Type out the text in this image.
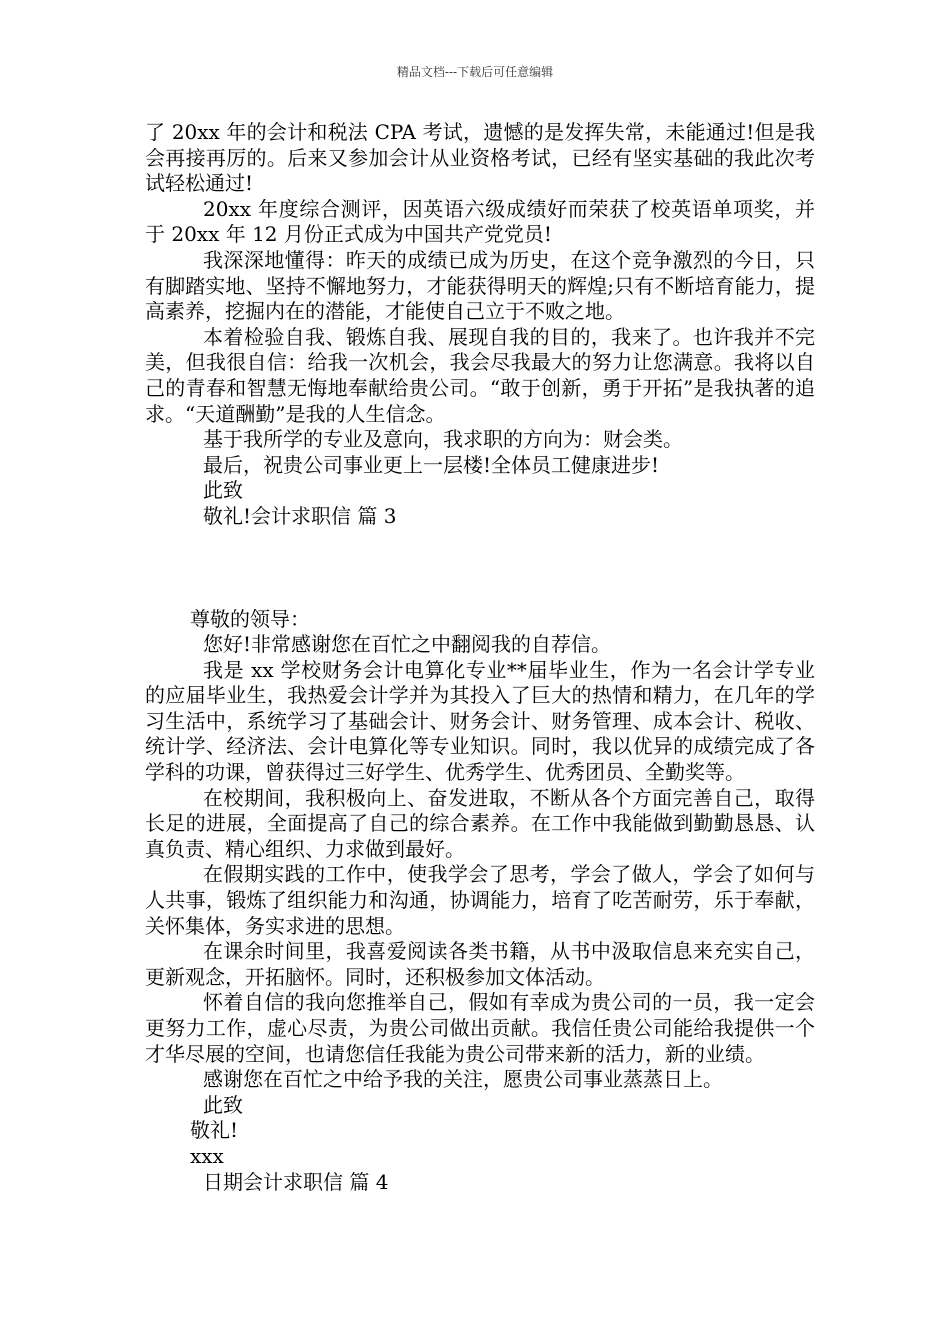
精品文档---下载后可任意编辑

了 20xx 年的会计和税法 CPA 考试，遗憾的是发挥失常，未能通过!但是我会再接再厉的。后来又参加会计从业资格考试，已经有坚实基础的我此次考试轻松通过!

20xx 年度综合测评，因英语六级成绩好而荣获了校英语单项奖，并于 20xx 年 12 月份正式成为中国共产党党员!

我深深地懂得：昨天的成绩已成为历史，在这个竞争激烈的今日，只有脚踏实地、坚持不懈地努力，才能获得明天的辉煌;只有不断培育能力，提高素养，挖掘内在的潜能，才能使自己立于不败之地。

本着检验自我、锻炼自我、展现自我的目的，我来了。也许我并不完美，但我很自信：给我一次机会，我会尽我最大的努力让您满意。我将以自己的青春和智慧无悔地奉献给贵公司。“敢于创新，勇于开拓”是我执著的追求。“天道酬勤”是我的人生信念。

基于我所学的专业及意向，我求职的方向为：财会类。

最后，祝贵公司事业更上一层楼!全体员工健康进步!

此致

敬礼!会计求职信 篇 3

尊敬的领导：

您好!非常感谢您在百忙之中翻阅我的自荐信。

我是 xx 学校财务会计电算化专业**届毕业生，作为一名会计学专业的应届毕业生，我热爱会计学并为其投入了巨大的热情和精力，在几年的学习生活中，系统学习了基础会计、财务会计、财务管理、成本会计、税收、统计学、经济法、会计电算化等专业知识。同时，我以优异的成绩完成了各学科的功课，曾获得过三好学生、优秀学生、优秀团员、全勤奖等。

在校期间，我积极向上、奋发进取，不断从各个方面完善自己，取得长足的进展，全面提高了自己的综合素养。在工作中我能做到勤勤恳恳、认真负责、精心组织、力求做到最好。

在假期实践的工作中，使我学会了思考，学会了做人，学会了如何与人共事，锻炼了组织能力和沟通，协调能力，培育了吃苦耐劳，乐于奉献，关怀集体，务实求进的思想。

在课余时间里，我喜爱阅读各类书籍，从书中汲取信息来充实自己，更新观念，开拓脑怀。同时，还积极参加文体活动。

怀着自信的我向您推举自己，假如有幸成为贵公司的一员，我一定会更努力工作，虚心尽责，为贵公司做出贡献。我信任贵公司能给我提供一个才华尽展的空间，也请您信任我能为贵公司带来新的活力，新的业绩。

感谢您在百忙之中给予我的关注，愿贵公司事业蒸蒸日上。

此致

敬礼!

xxx

日期会计求职信 篇 4
